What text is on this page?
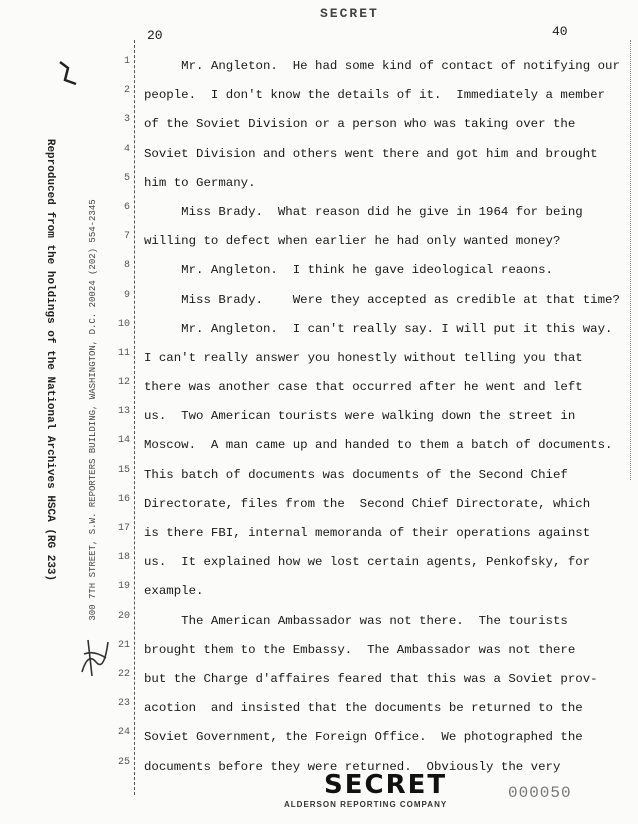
SECRET
20	40
Reproduced from the holdings of the National Archives HSCA (RG 233)	300 7TH STREET, S.W. REPORTERS BUILDING, WASHINGTON, D.C. 20024 (202) 554-2345
1
2
3
4
5
6
7
8
9
10
11
12
13
14
15
16
17
18
19
20
21
22
23
24
25
Mr. Angleton.  He had some kind of contact of notifying our
people.  I don't know the details of it.  Immediately a member
of the Soviet Division or a person who was taking over the
Soviet Division and others went there and got him and brought
him to Germany.
Miss Brady.  What reason did he give in 1964 for being
willing to defect when earlier he had only wanted money?
Mr. Angleton.  I think he gave ideological reaons.
Miss Brady.    Were they accepted as credible at that time?
Mr. Angleton.  I can't really say. I will put it this way.
I can't really answer you honestly without telling you that
there was another case that occurred after he went and left
us.  Two American tourists were walking down the street in
Moscow.  A man came up and handed to them a batch of documents.
This batch of documents was documents of the Second Chief
Directorate, files from the  Second Chief Directorate, which
is there FBI, internal memoranda of their operations against
us.  It explained how we lost certain agents, Penkofsky, for
example.
The American Ambassador was not there.  The tourists
brought them to the Embassy.  The Ambassador was not there
but the Charge d'affaires feared that this was a Soviet prov-
acotion  and insisted that the documents be returned to the
Soviet Government, the Foreign Office.  We photographed the
documents before they were returned.  Obviously the very
SECRET
ALDERSON REPORTING COMPANY
000050
